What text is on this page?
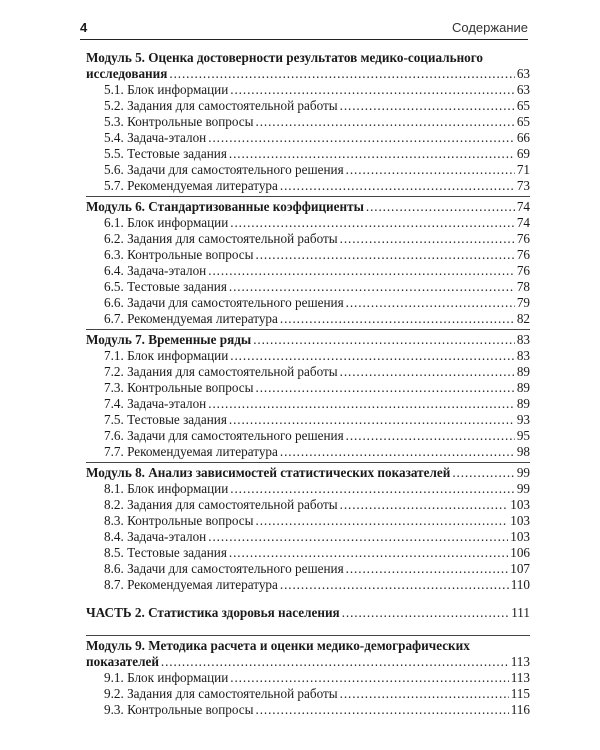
4	Содержание
Модуль 5. Оценка достоверности результатов медико-социального
исследования . . .	63
5.1. Блок информации . . .	63
5.2. Задания для самостоятельной работы . . .	65
5.3. Контрольные вопросы . . .	65
5.4. Задача-эталон . . .	66
5.5. Тестовые задания . . .	69
5.6. Задачи для самостоятельного решения . . .	71
5.7. Рекомендуемая литература . . .	73
Модуль 6. Стандартизованные коэффициенты . . .	74
6.1. Блок информации . . .	74
6.2. Задания для самостоятельной работы . . .	76
6.3. Контрольные вопросы . . .	76
6.4. Задача-эталон . . .	76
6.5. Тестовые задания . . .	78
6.6. Задачи для самостоятельного решения . . .	79
6.7. Рекомендуемая литература . . .	82
Модуль 7. Временные ряды . . .	83
7.1. Блок информации . . .	83
7.2. Задания для самостоятельной работы . . .	89
7.3. Контрольные вопросы . . .	89
7.4. Задача-эталон . . .	89
7.5. Тестовые задания . . .	93
7.6. Задачи для самостоятельного решения . . .	95
7.7. Рекомендуемая литература . . .	98
Модуль 8. Анализ зависимостей статистических показателей . . .	99
8.1. Блок информации . . .	99
8.2. Задания для самостоятельной работы . . .	103
8.3. Контрольные вопросы . . .	103
8.4. Задача-эталон . . .	103
8.5. Тестовые задания . . .	106
8.6. Задачи для самостоятельного решения . . .	107
8.7. Рекомендуемая литература . . .	110
ЧАСТЬ 2. Статистика здоровья населения . . .	111
Модуль 9. Методика расчета и оценки медико-демографических
показателей . . .	113
9.1. Блок информации . . .	113
9.2. Задания для самостоятельной работы . . .	115
9.3. Контрольные вопросы . . .	116
